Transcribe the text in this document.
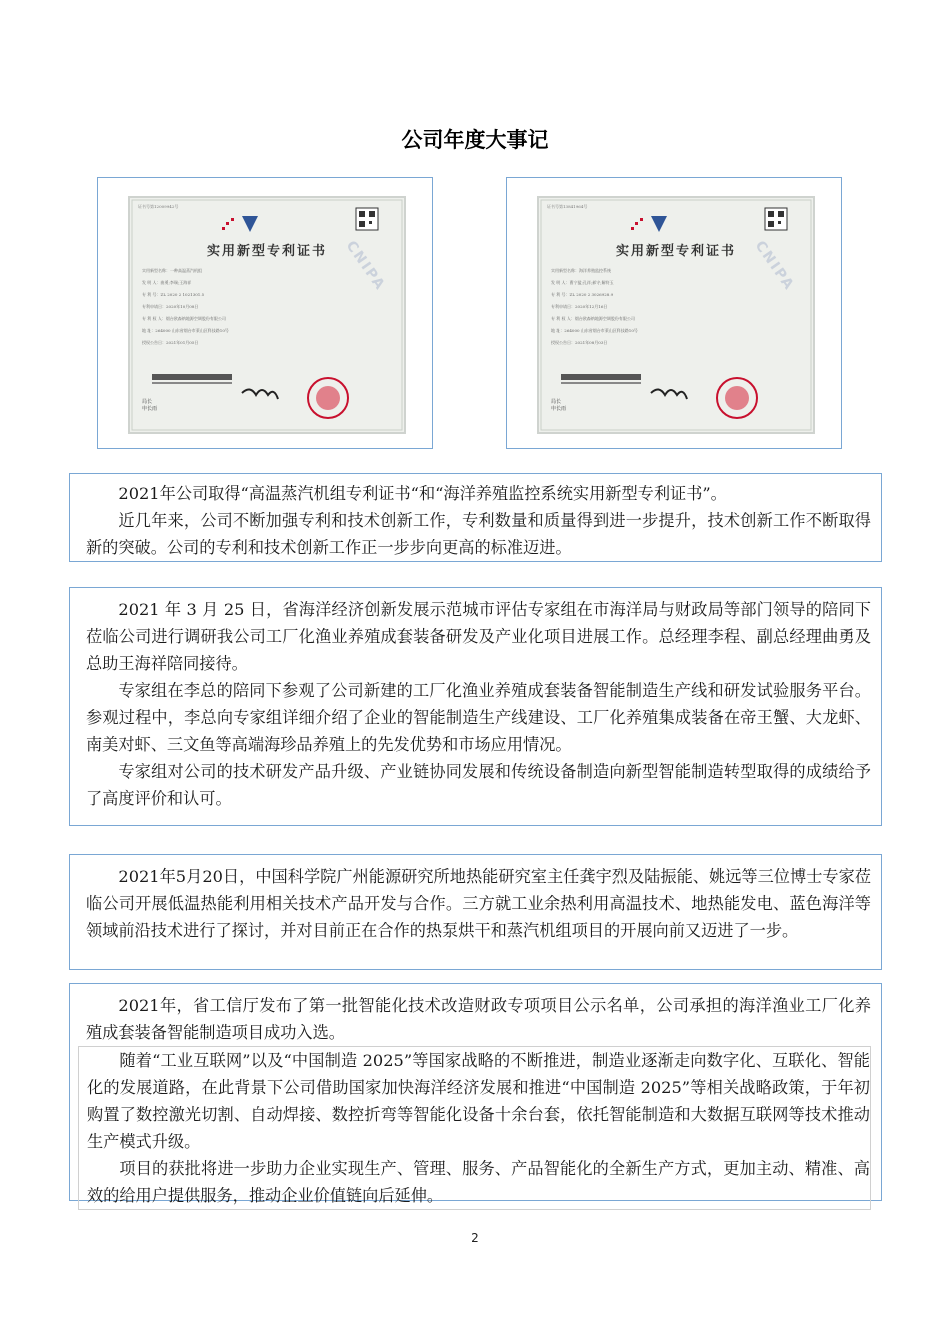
公司年度大事记
证书号第12009942号
实用新型专利证书
实用新型名称：一种高温蒸汽机组
发 明 人：曲勇;李瑞;王海祥
专 利 号：ZL 2020 2 1021301.5
专利申请日：2020年10月08日
专 利 权 人：烟台欧森纳地源空调股份有限公司
地 址：264000 山东省烟台市莱山区科技路10号
授权公告日：2021年01月05日
局长
申长雨
CNIPA
证书号第13841964号
实用新型专利证书
实用新型名称：海洋养殖监控系统
发 明 人：曹宁猛;孔祥;郝守;解符玉
专 利 号：ZL 2020 2 3026928.9
专利申请日：2020年12月16日
专 利 权 人：烟台欧森纳地源空调股份有限公司
地 址：264000 山东省烟台市莱山区科技路10号
授权公告日：2021年08月03日
局长
申长雨
CNIPA

2021年公司取得“高温蒸汽机组专利证书“和“海洋养殖监控系统实用新型专利证书”。

近几年来，公司不断加强专利和技术创新工作，专利数量和质量得到进一步提升，技术创新工作不断取得新的突破。公司的专利和技术创新工作正一步步向更高的标准迈进。

2021 年 3 月 25 日，省海洋经济创新发展示范城市评估专家组在市海洋局与财政局等部门领导的陪同下莅临公司进行调研我公司工厂化渔业养殖成套装备研发及产业化项目进展工作。总经理李程、副总经理曲勇及总助王海祥陪同接待。

专家组在李总的陪同下参观了公司新建的工厂化渔业养殖成套装备智能制造生产线和研发试验服务平台。参观过程中，李总向专家组详细介绍了企业的智能制造生产线建设、工厂化养殖集成装备在帝王蟹、大龙虾、南美对虾、三文鱼等高端海珍品养殖上的先发优势和市场应用情况。

专家组对公司的技术研发产品升级、产业链协同发展和传统设备制造向新型智能制造转型取得的成绩给予了高度评价和认可。

2021年5月20日，中国科学院广州能源研究所地热能研究室主任龚宇烈及陆振能、姚远等三位博士专家莅临公司开展低温热能利用相关技术产品开发与合作。三方就工业余热利用高温技术、地热能发电、蓝色海洋等领域前沿技术进行了探讨，并对目前正在合作的热泵烘干和蒸汽机组项目的开展向前又迈进了一步。

2021年，省工信厅发布了第一批智能化技术改造财政专项项目公示名单，公司承担的海洋渔业工厂化养殖成套装备智能制造项目成功入选。

随着“工业互联网”以及“中国制造 2025”等国家战略的不断推进，制造业逐渐走向数字化、互联化、智能化的发展道路，在此背景下公司借助国家加快海洋经济发展和推进“中国制造 2025”等相关战略政策，于年初购置了数控激光切割、自动焊接、数控折弯等智能化设备十余台套，依托智能制造和大数据互联网等技术推动生产模式升级。

项目的获批将进一步助力企业实现生产、管理、服务、产品智能化的全新生产方式，更加主动、精准、高效的给用户提供服务，推动企业价值链向后延伸。

2
